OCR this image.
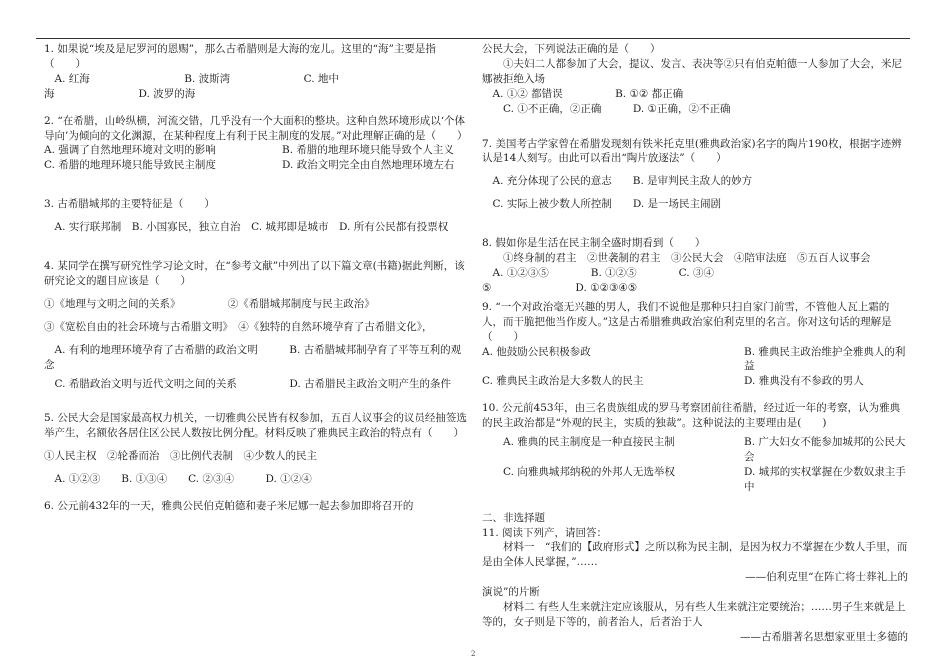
1. 如果说“埃及是尼罗河的恩赐”，那么古希腊则是大海的宠儿。这里的“海”主要是指（　　）
　A. 红海　　　　　　　　　B. 波斯湾　　　　　　　C. 地中
海　　　　　　　　D. 波罗的海
2. “在希腊，山岭纵横，河流交错，几乎没有一个大面积的整块。这种自然环境形成以‘个体导向’为倾向的文化渊源，在某种程度上有利于民主制度的发展。”对此理解正确的是（　　）
A. 强调了自然地理环境对文明的影响	B. 希腊的地理环境只能导致个人主义
C. 希腊的地理环境只能导致民主制度	D. 政治文明完全由自然地理环境左右
3. 古希腊城邦的主要特征是（　　）
　A. 实行联邦制　B. 小国寡民，独立自治　C. 城邦即是城市　D. 所有公民都有投票权
4. 某同学在撰写研究性学习论文时，在“参考文献”中列出了以下篇文章(书籍)据此判断，该研究论文的题目应该是（　　）
①《地理与文明之间的关系》　　　　　②《希腊城邦制度与民主政治》
③《宽松自由的社会环境与古希腊文明》　④《独特的自然环境孕育了古希腊文化》，
　A. 有利的地理环境孕育了古希腊的政治文明　　　B. 古希腊城邦制孕育了平等互利的观念
　C. 希腊政治文明与近代文明之间的关系　　　　　D. 古希腊民主政治文明产生的条件
5. 公民大会是国家最高权力机关，一切雅典公民皆有权参加，五百人议事会的议员经抽签选举产生，名额依各居住区公民人数按比例分配。材料反映了雅典民主政治的特点有（　　）
①人民主权　②轮番而治　③比例代表制　④少数人的民主
　A. ①②③　　B. ①③④　　C. ②③④　　　D. ①②④
6. 公元前432年的一天，雅典公民伯克帕德和妻子米尼娜一起去参加即将召开的
公民大会，下列说法正确的是（　　）
　　①夫妇二人都参加了大会，提议、发言、表决等②只有伯克帕德一人参加了大会，米尼娜被拒绝入场
　A. ①② 都错误　　　　　B. ①② 都正确
　　C. ①不正确，②正确　　　D. ①正确，②不正确
7. 美国考古学家曾在希腊发现刻有铁米托克里(雅典政治家)名字的陶片190枚，根据字迹辨认是14人刻写。由此可以看出“陶片放逐法”（　　）
　A. 充分体现了公民的意志　　B. 是审判民主敌人的妙方
　C. 实际上被少数人所控制　　D. 是一场民主闹剧
8. 假如你是生活在民主制全盛时期看到（　　）
　　①终身制的君主　②世袭制的君主　③公民大会　④陪审法庭　⑤五百人议事会
　A. ①②③⑤　　　　B. ①②⑤　　　　C. ③④
⑤　　　　　　　　D. ①②③④⑤
9. “一个对政治毫无兴趣的男人，我们不说他是那种只扫自家门前雪，不管他人瓦上霜的人，而干脆把他当作废人。”这是古希腊雅典政治家伯利克里的名言。你对这句话的理解是（　　）
A. 他鼓励公民积极参政	B. 雅典民主政治维护全雅典人的利益
C. 雅典民主政治是大多数人的民主	D. 雅典没有不参政的男人
10. 公元前453年，由三名贵族组成的罗马考察团前往希腊，经过近一年的考察，认为雅典的民主政治都是“外观的民主，实质的独裁”。这种说法的主要理由是(　　)
　　A. 雅典的民主制度是一种直接民主制	B. 广大妇女不能参加城邦的公民大会
　　C. 向雅典城邦纳税的外邦人无选举权	D. 城邦的实权掌握在少数奴隶主手中
二、非选择题
11. 阅读下列产，请回答：
　　材料一　“我们的【政府形式】之所以称为民主制，是因为权力不掌握在少数人手里，而是由全体人民掌握，”……
——伯利克里“在阵亡将士葬礼上的
演说”的片断
　　材料二 有些人生来就注定应该服从，另有些人生来就注定要统治；……男子生来就是上等的，女子则是下等的，前者治人，后者治于人
——古希腊著名思想家亚里士多德的
2
